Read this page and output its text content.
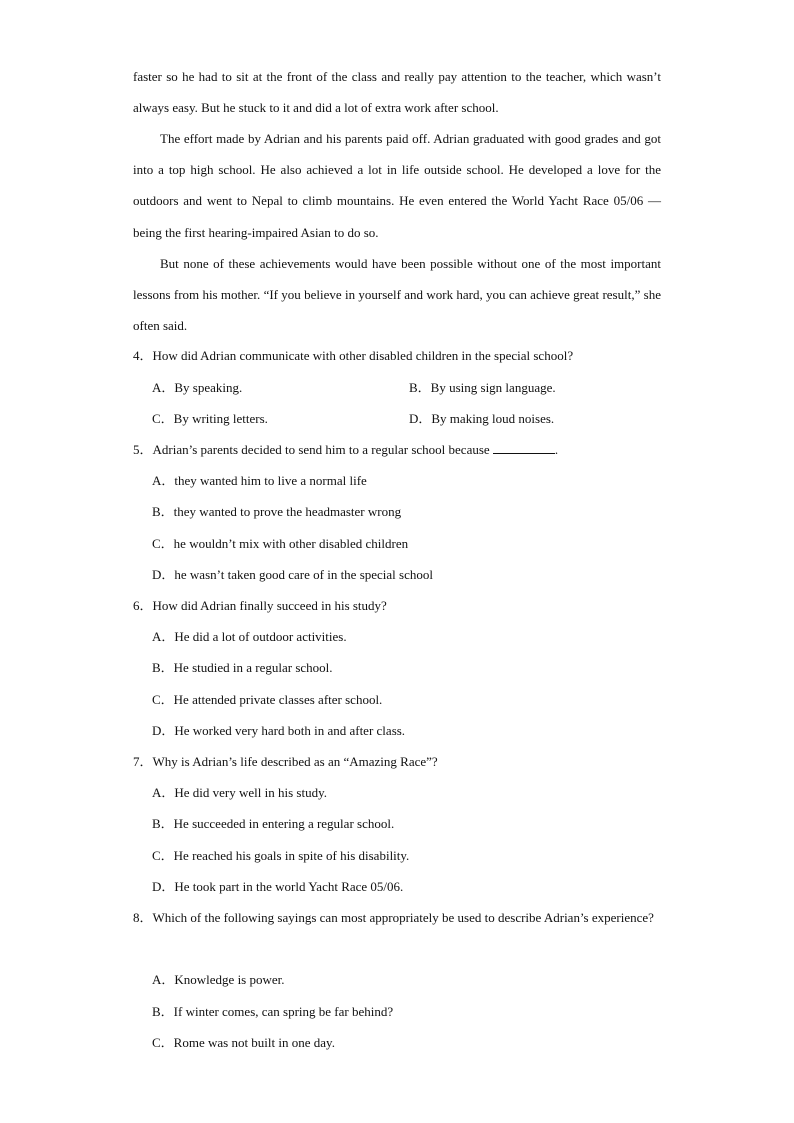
faster so he had to sit at the front of the class and really pay attention to the teacher, which wasn’t always easy. But he stuck to it and did a lot of extra work after school.
The effort made by Adrian and his parents paid off. Adrian graduated with good grades and got into a top high school. He also achieved a lot in life outside school. He developed a love for the outdoors and went to Nepal to climb mountains. He even entered the World Yacht Race 05/06 — being the first hearing-impaired Asian to do so.
But none of these achievements would have been possible without one of the most important lessons from his mother. “If you believe in yourself and work hard, you can achieve great result,” she often said.
4．How did Adrian communicate with other disabled children in the special school?
A．By speaking.	B．By using sign language.
C．By writing letters.	D．By making loud noises.
5．Adrian’s parents decided to send him to a regular school because	.
A．they wanted him to live a normal life
B．they wanted to prove the headmaster wrong
C．he wouldn’t mix with other disabled children
D．he wasn’t taken good care of in the special school
6．How did Adrian finally succeed in his study?
A．He did a lot of outdoor activities.
B．He studied in a regular school.
C．He attended private classes after school.
D．He worked very hard both in and after class.
7．Why is Adrian’s life described as an “Amazing Race”?
A．He did very well in his study.
B．He succeeded in entering a regular school.
C．He reached his goals in spite of his disability.
D．He took part in the world Yacht Race 05/06.
8．Which of the following sayings can most appropriately be used to describe Adrian’s experience?
A．Knowledge is power.
B．If winter comes, can spring be far behind?
C．Rome was not built in one day.
